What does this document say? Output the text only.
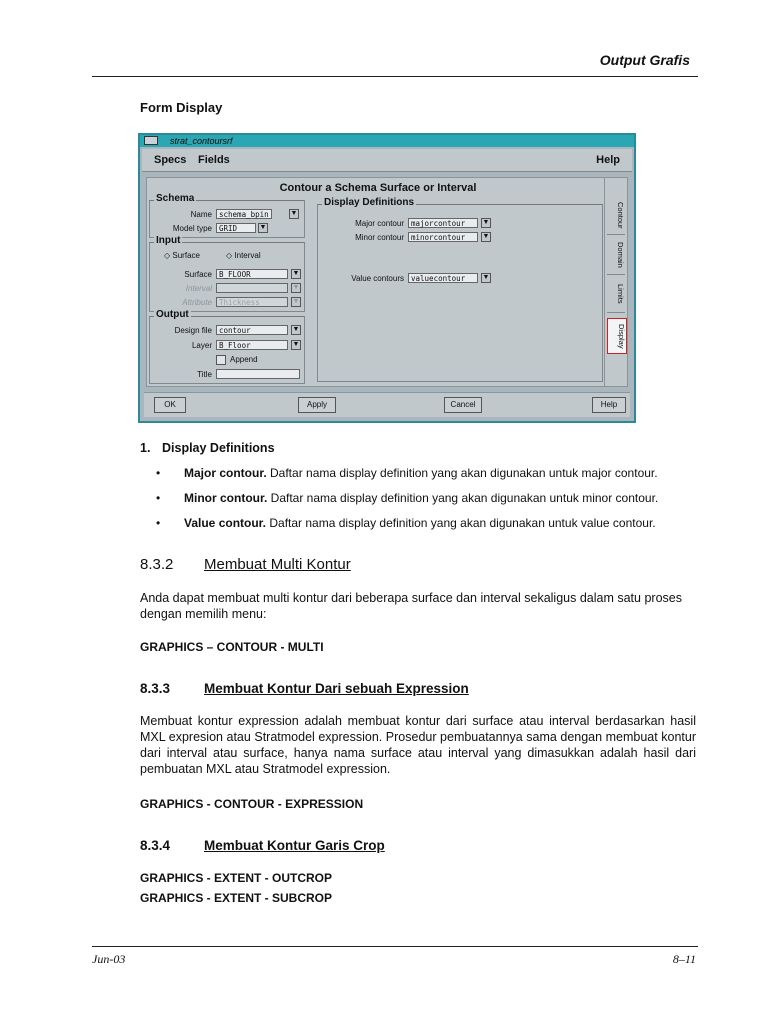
Output Grafis
Form Display
strat_contoursrf
Specs Fields	Help
Contour a Schema Surface or Interval
Schema
Name schema_bpin	▼
Model type GRID	▼
Input
◇ Surface	◇ Interval
Surface B_FLOOR	▼
Interval	▼
Attribute Thickness	▼
Output
Design file contour	▼
Layer B_Floor	▼
Append
Title
Display Definitions
Major contour majorcontour	▼
Minor contour minorcontour	▼
Value contours valuecontour	▼
Contour
Domain
Limits
Display
OK	Apply	Cancel	Help
1. Display Definitions
• Major contour. Daftar nama display definition yang akan digunakan untuk major contour.
• Minor contour. Daftar nama display definition yang akan digunakan untuk minor contour.
• Value contour. Daftar nama display definition yang akan digunakan untuk value contour.
8.3.2 Membuat Multi Kontur
Anda dapat membuat multi kontur dari beberapa surface dan interval sekaligus dalam satu proses dengan memilih menu:
GRAPHICS – CONTOUR - MULTI
8.3.3	Membuat Kontur Dari sebuah Expression
Membuat kontur expression adalah membuat kontur dari surface atau interval berdasarkan hasil MXL expresion atau Stratmodel expression. Prosedur pembuatannya sama dengan membuat kontur dari interval atau surface, hanya nama surface atau interval yang dimasukkan adalah hasil dari pembuatan MXL atau Stratmodel expression.
GRAPHICS - CONTOUR - EXPRESSION
8.3.4	Membuat Kontur Garis Crop
GRAPHICS - EXTENT - OUTCROP
GRAPHICS - EXTENT - SUBCROP
Jun-03	8–11
